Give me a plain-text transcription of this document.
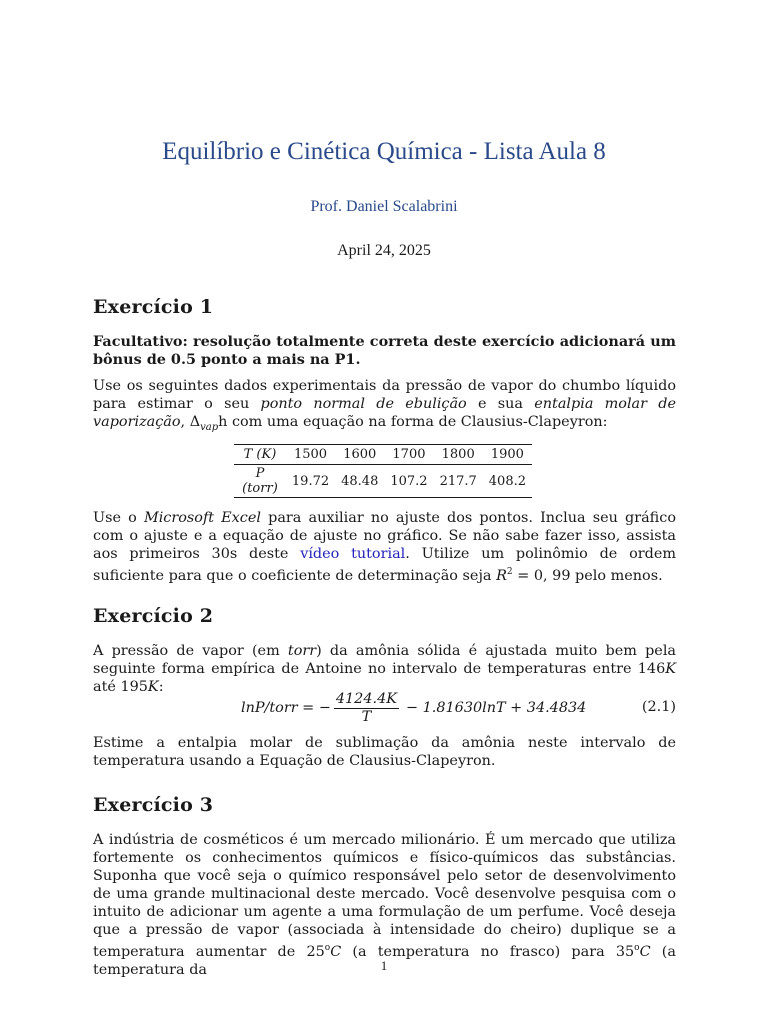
Equilíbrio e Cinética Química - Lista Aula 8
Prof. Daniel Scalabrini
April 24, 2025
Exercício 1
Facultativo: resolução totalmente correta deste exercício adicionará um bônus de 0.5 ponto a mais na P1.
Use os seguintes dados experimentais da pressão de vapor do chumbo líquido para estimar o seu ponto normal de ebulição e sua entalpia molar de vaporização, $\Delta_{vap}h$ com uma equação na forma de Clausius-Clapeyron:
T (K)	1500	1600	1700	1800	1900
P (torr)	19.72	48.48	107.2	217.7	408.2
Use o Microsoft Excel para auxiliar no ajuste dos pontos. Inclua seu gráfico com o ajuste e a equação de ajuste no gráfico. Se não sabe fazer isso, assista aos primeiros 30s deste vídeo tutorial. Utilize um polinômio de ordem suficiente para que o coeficiente de determinação seja $R^2 = 0$, 99 pelo menos.
Exercício 2
A pressão de vapor (em torr) da amônia sólida é ajustada muito bem pela seguinte forma empírica de Antoine no intervalo de temperaturas entre 146K até 195K:
lnP/torr = − $\frac{4124.4K}{T} - 1.81630\ln T + 34.4834$	(2.1)
Estime a entalpia molar de sublimação da amônia neste intervalo de temperatura usando a Equação de Clausius-Clapeyron.
Exercício 3
A indústria de cosméticos é um mercado milionário. É um mercado que utiliza fortemente os conhecimentos químicos e físico-químicos das substâncias. Suponha que você seja o químico responsável pelo setor de desenvolvimento de uma grande multinacional deste mercado. Você desenvolve pesquisa com o intuito de adicionar um agente a uma formulação de um perfume. Você deseja que a pressão de vapor (associada à intensidade do cheiro) duplique se a temperatura aumentar de 25$^o$C (a temperatura no frasco) para 35$^o$C (a temperatura da	1
